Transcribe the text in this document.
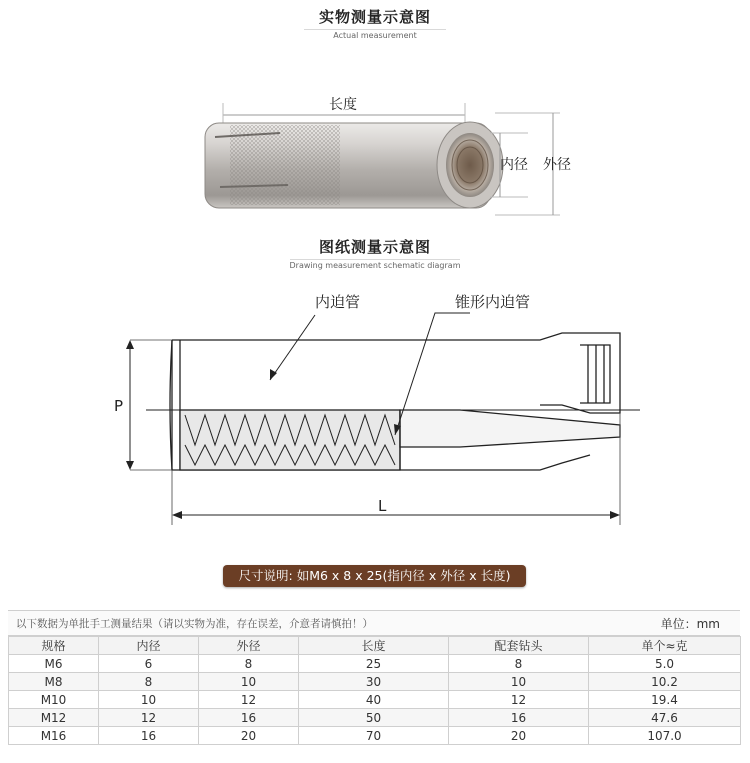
实物测量示意图
Actual measurement
长度
内径 外径
图纸测量示意图
Drawing measurement schematic diagram
内迫管	锥形内迫管
P
L
尺寸说明: 如M6 x 8 x 25(指内径 x 外径 x 长度)
以下数据为单批手工测量结果（请以实物为准，存在误差，介意者请慎拍！）	单位：mm
规格	内径	外径	长度	配套钻头	单个≈克
M6	6	8	25	8	5.0
M8	8	10	30	10	10.2
M10	10	12	40	12	19.4
M12	12	16	50	16	47.6
M16	16	20	70	20	107.0
